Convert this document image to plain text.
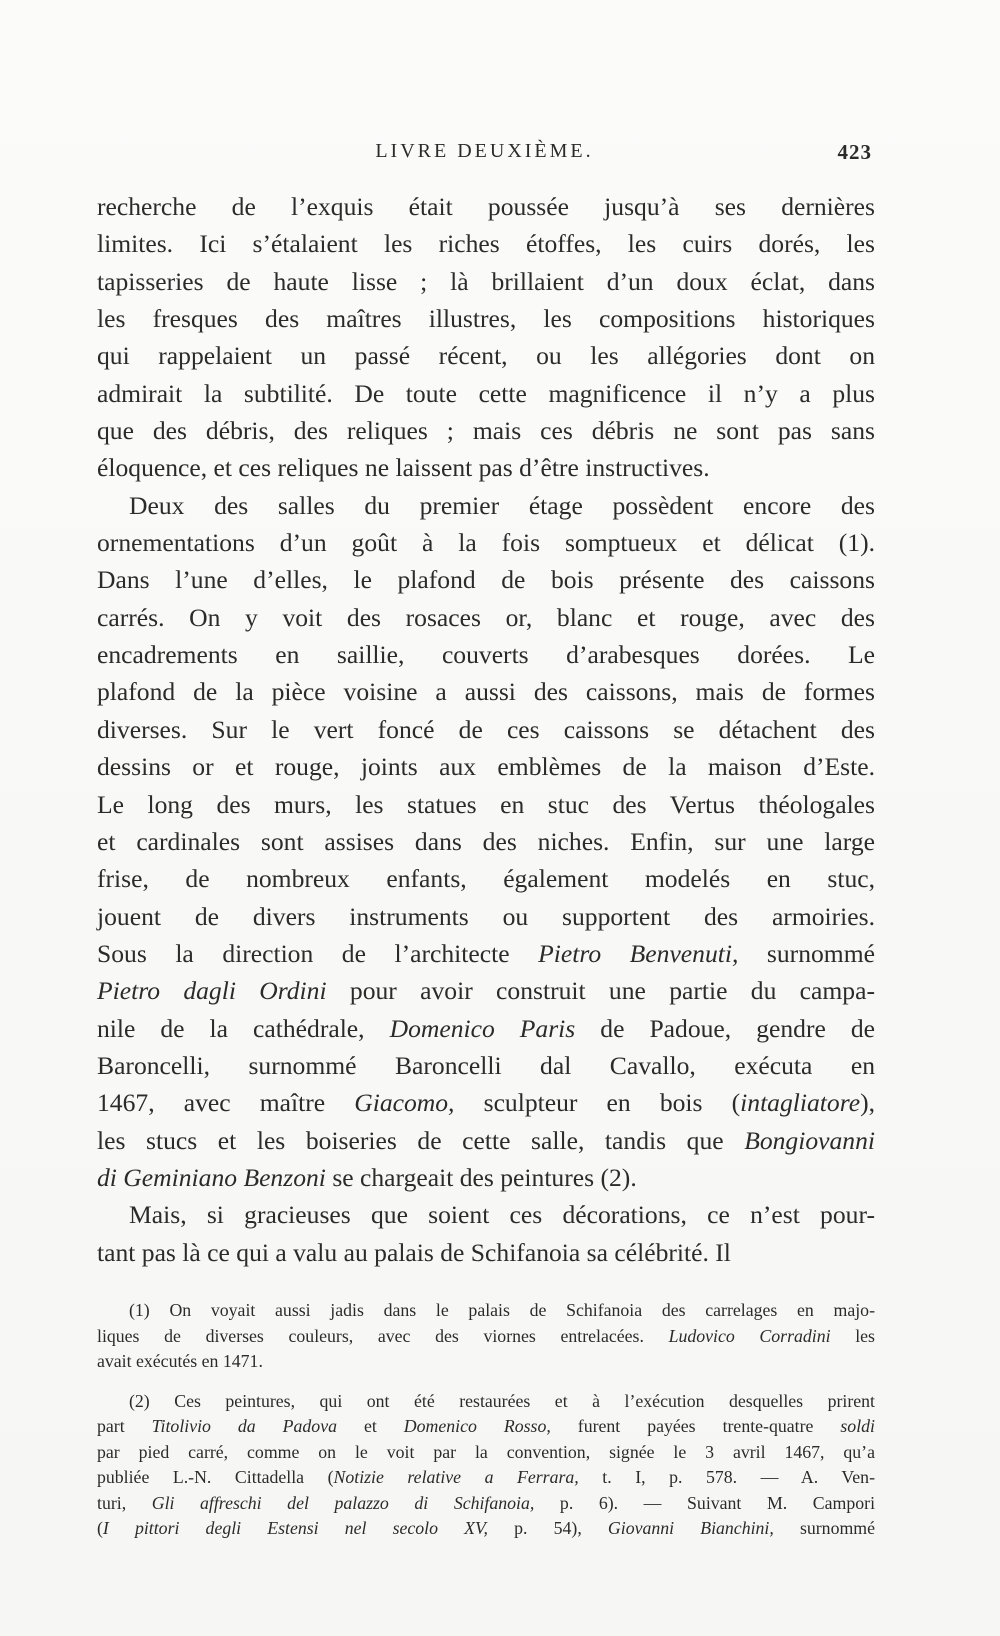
LIVRE DEUXIÈME.	423
recherche de l’exquis était poussée jusqu’à ses dernières
limites. Ici s’étalaient les riches étoffes, les cuirs dorés, les
tapisseries de haute lisse ; là brillaient d’un doux éclat, dans
les fresques des maîtres illustres, les compositions historiques
qui rappelaient un passé récent, ou les allégories dont on
admirait la subtilité. De toute cette magnificence il n’y a plus
que des débris, des reliques ; mais ces débris ne sont pas sans
éloquence, et ces reliques ne laissent pas d’être instructives.
Deux des salles du premier étage possèdent encore des
ornementations d’un goût à la fois somptueux et délicat (1).
Dans l’une d’elles, le plafond de bois présente des caissons
carrés. On y voit des rosaces or, blanc et rouge, avec des
encadrements en saillie, couverts d’arabesques dorées. Le
plafond de la pièce voisine a aussi des caissons, mais de formes
diverses. Sur le vert foncé de ces caissons se détachent des
dessins or et rouge, joints aux emblèmes de la maison d’Este.
Le long des murs, les statues en stuc des Vertus théologales
et cardinales sont assises dans des niches. Enfin, sur une large
frise, de nombreux enfants, également modelés en stuc,
jouent de divers instruments ou supportent des armoiries.
Sous la direction de l’architecte Pietro Benvenuti, surnommé
Pietro dagli Ordini pour avoir construit une partie du campa-
nile de la cathédrale, Domenico Paris de Padoue, gendre de
Baroncelli, surnommé Baroncelli dal Cavallo, exécuta en
1467, avec maître Giacomo, sculpteur en bois (intagliatore),
les stucs et les boiseries de cette salle, tandis que Bongiovanni
di Geminiano Benzoni se chargeait des peintures (2).
Mais, si gracieuses que soient ces décorations, ce n’est pour-
tant pas là ce qui a valu au palais de Schifanoia sa célébrité. Il
(1) On voyait aussi jadis dans le palais de Schifanoia des carrelages en majo-
liques de diverses couleurs, avec des viornes entrelacées. Ludovico Corradini les
avait exécutés en 1471.
(2) Ces peintures, qui ont été restaurées et à l’exécution desquelles prirent
part Titolivio da Padova et Domenico Rosso, furent payées trente-quatre soldi
par pied carré, comme on le voit par la convention, signée le 3 avril 1467, qu’a
publiée L.-N. Cittadella (Notizie relative a Ferrara, t. I, p. 578. — A. Ven-
turi, Gli affreschi del palazzo di Schifanoia, p. 6). — Suivant M. Campori
(I pittori degli Estensi nel secolo XV, p. 54), Giovanni Bianchini, surnommé
